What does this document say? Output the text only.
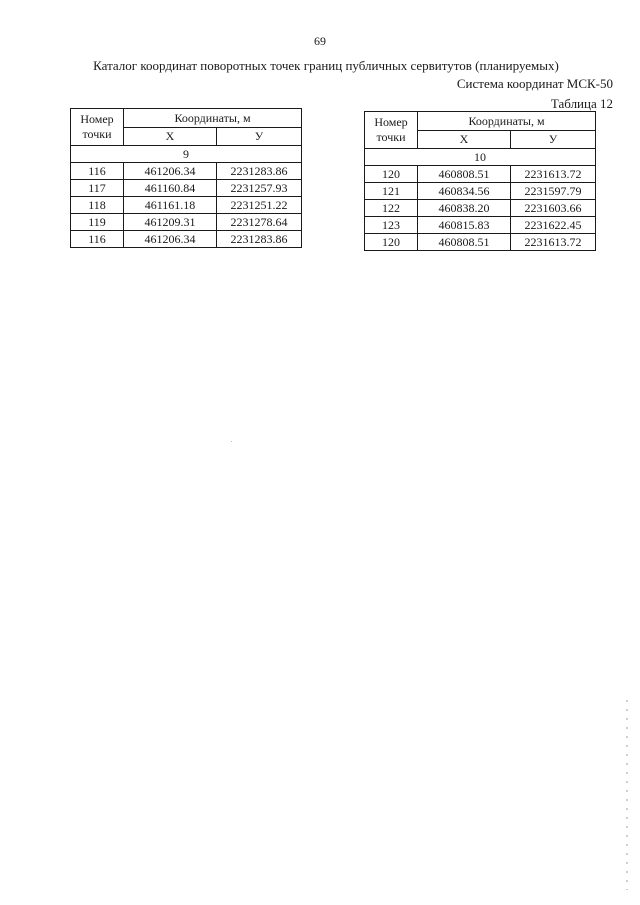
69
Каталог координат поворотных точек границ публичных сервитутов (планируемых)
Система координат МСК-50
Таблица 12
Номер точки	Координаты, м	
	X	У
9		
116	461206.34	2231283.86
117	461160.84	2231257.93
118	461161.18	2231251.22
119	461209.31	2231278.64
116	461206.34	2231283.86
Номер точки	Координаты, м	
	X	У
10		
120	460808.51	2231613.72
121	460834.56	2231597.79
122	460838.20	2231603.66
123	460815.83	2231622.45
120	460808.51	2231613.72
